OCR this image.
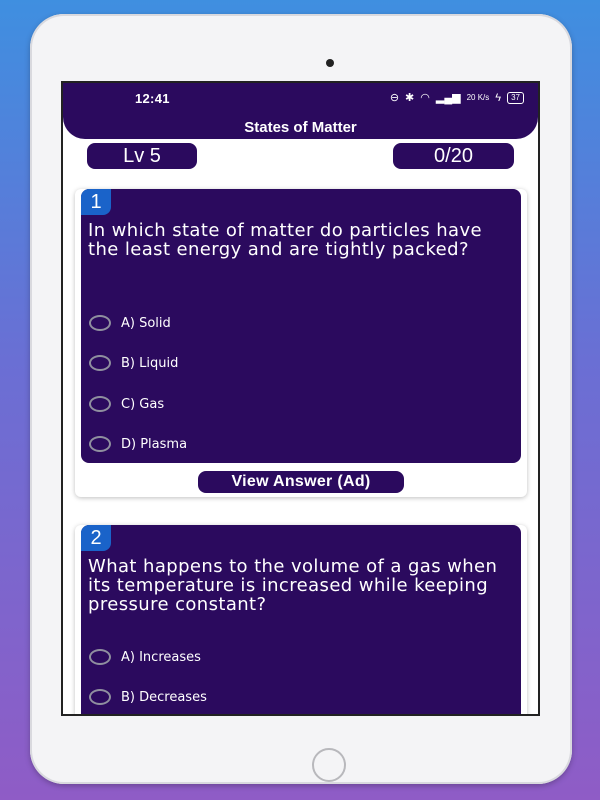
12:41	⊖ ✱ ◠ ▂▄▆ 20 K/s ϟ	37
States of Matter
Lv 5	0/20
1
In which state of matter do particles have the least energy and are tightly packed?
A) Solid
B) Liquid
C) Gas
D) Plasma
View Answer (Ad)
2
What happens to the volume of a gas when its temperature is increased while keeping pressure constant?
A) Increases
B) Decreases
